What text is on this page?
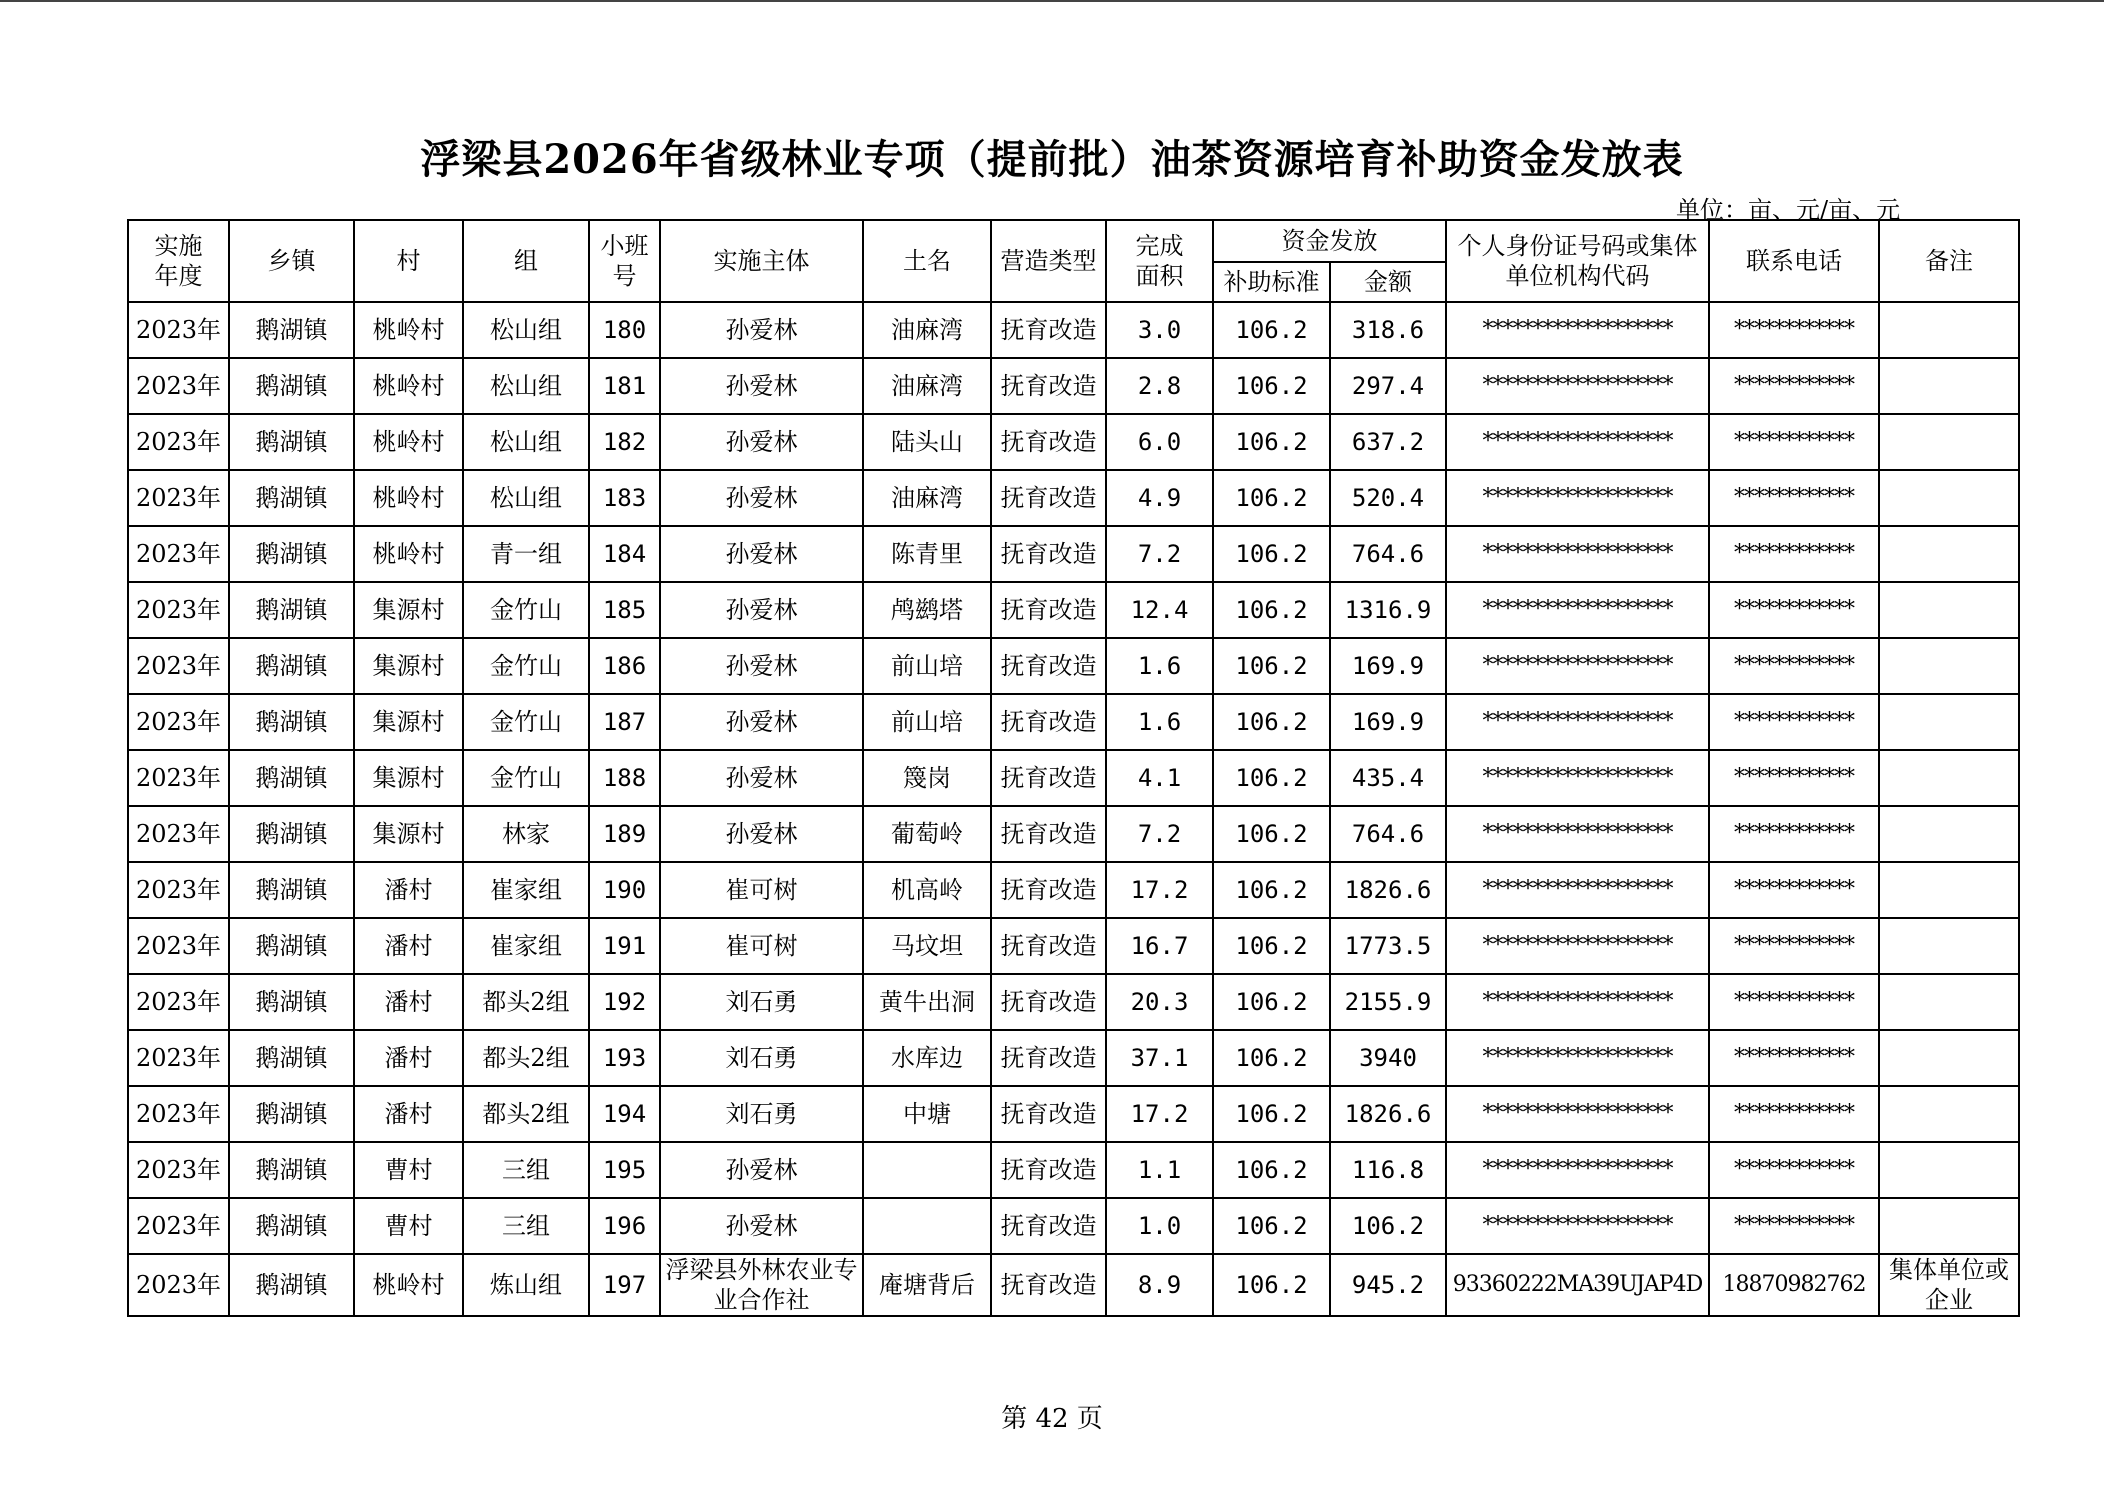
浮梁县2026年省级林业专项（提前批）油茶资源培育补助资金发放表
单位：亩、元/亩、元
实施年度	乡镇	村	组	小班号	实施主体	土名	营造类型	完成面积	资金发放		个人身份证号码或集体单位机构代码	联系电话	备注
									补助标准	金额			
2023年	鹅湖镇	桃岭村	松山组	180	孙爱林	油麻湾	抚育改造	3.0	106.2	318.6	*******************	************	
2023年	鹅湖镇	桃岭村	松山组	181	孙爱林	油麻湾	抚育改造	2.8	106.2	297.4	*******************	************	
2023年	鹅湖镇	桃岭村	松山组	182	孙爱林	陆头山	抚育改造	6.0	106.2	637.2	*******************	************	
2023年	鹅湖镇	桃岭村	松山组	183	孙爱林	油麻湾	抚育改造	4.9	106.2	520.4	*******************	************	
2023年	鹅湖镇	桃岭村	青一组	184	孙爱林	陈青里	抚育改造	7.2	106.2	764.6	*******************	************	
2023年	鹅湖镇	集源村	金竹山	185	孙爱林	鸬鹚塔	抚育改造	12.4	106.2	1316.9	*******************	************	
2023年	鹅湖镇	集源村	金竹山	186	孙爱林	前山培	抚育改造	1.6	106.2	169.9	*******************	************	
2023年	鹅湖镇	集源村	金竹山	187	孙爱林	前山培	抚育改造	1.6	106.2	169.9	*******************	************	
2023年	鹅湖镇	集源村	金竹山	188	孙爱林	篾岗	抚育改造	4.1	106.2	435.4	*******************	************	
2023年	鹅湖镇	集源村	林家	189	孙爱林	葡萄岭	抚育改造	7.2	106.2	764.6	*******************	************	
2023年	鹅湖镇	潘村	崔家组	190	崔可树	机高岭	抚育改造	17.2	106.2	1826.6	*******************	************	
2023年	鹅湖镇	潘村	崔家组	191	崔可树	马坟坦	抚育改造	16.7	106.2	1773.5	*******************	************	
2023年	鹅湖镇	潘村	都头2组	192	刘石勇	黄牛出洞	抚育改造	20.3	106.2	2155.9	*******************	************	
2023年	鹅湖镇	潘村	都头2组	193	刘石勇	水库边	抚育改造	37.1	106.2	3940	*******************	************	
2023年	鹅湖镇	潘村	都头2组	194	刘石勇	中塘	抚育改造	17.2	106.2	1826.6	*******************	************	
2023年	鹅湖镇	曹村	三组	195	孙爱林		抚育改造	1.1	106.2	116.8	*******************	************	
2023年	鹅湖镇	曹村	三组	196	孙爱林		抚育改造	1.0	106.2	106.2	*******************	************	
2023年	鹅湖镇	桃岭村	炼山组	197	浮梁县外林农业专业合作社	庵塘背后	抚育改造	8.9	106.2	945.2	93360222MA39UJAP4D	18870982762	集体单位或企业
第 42 页
